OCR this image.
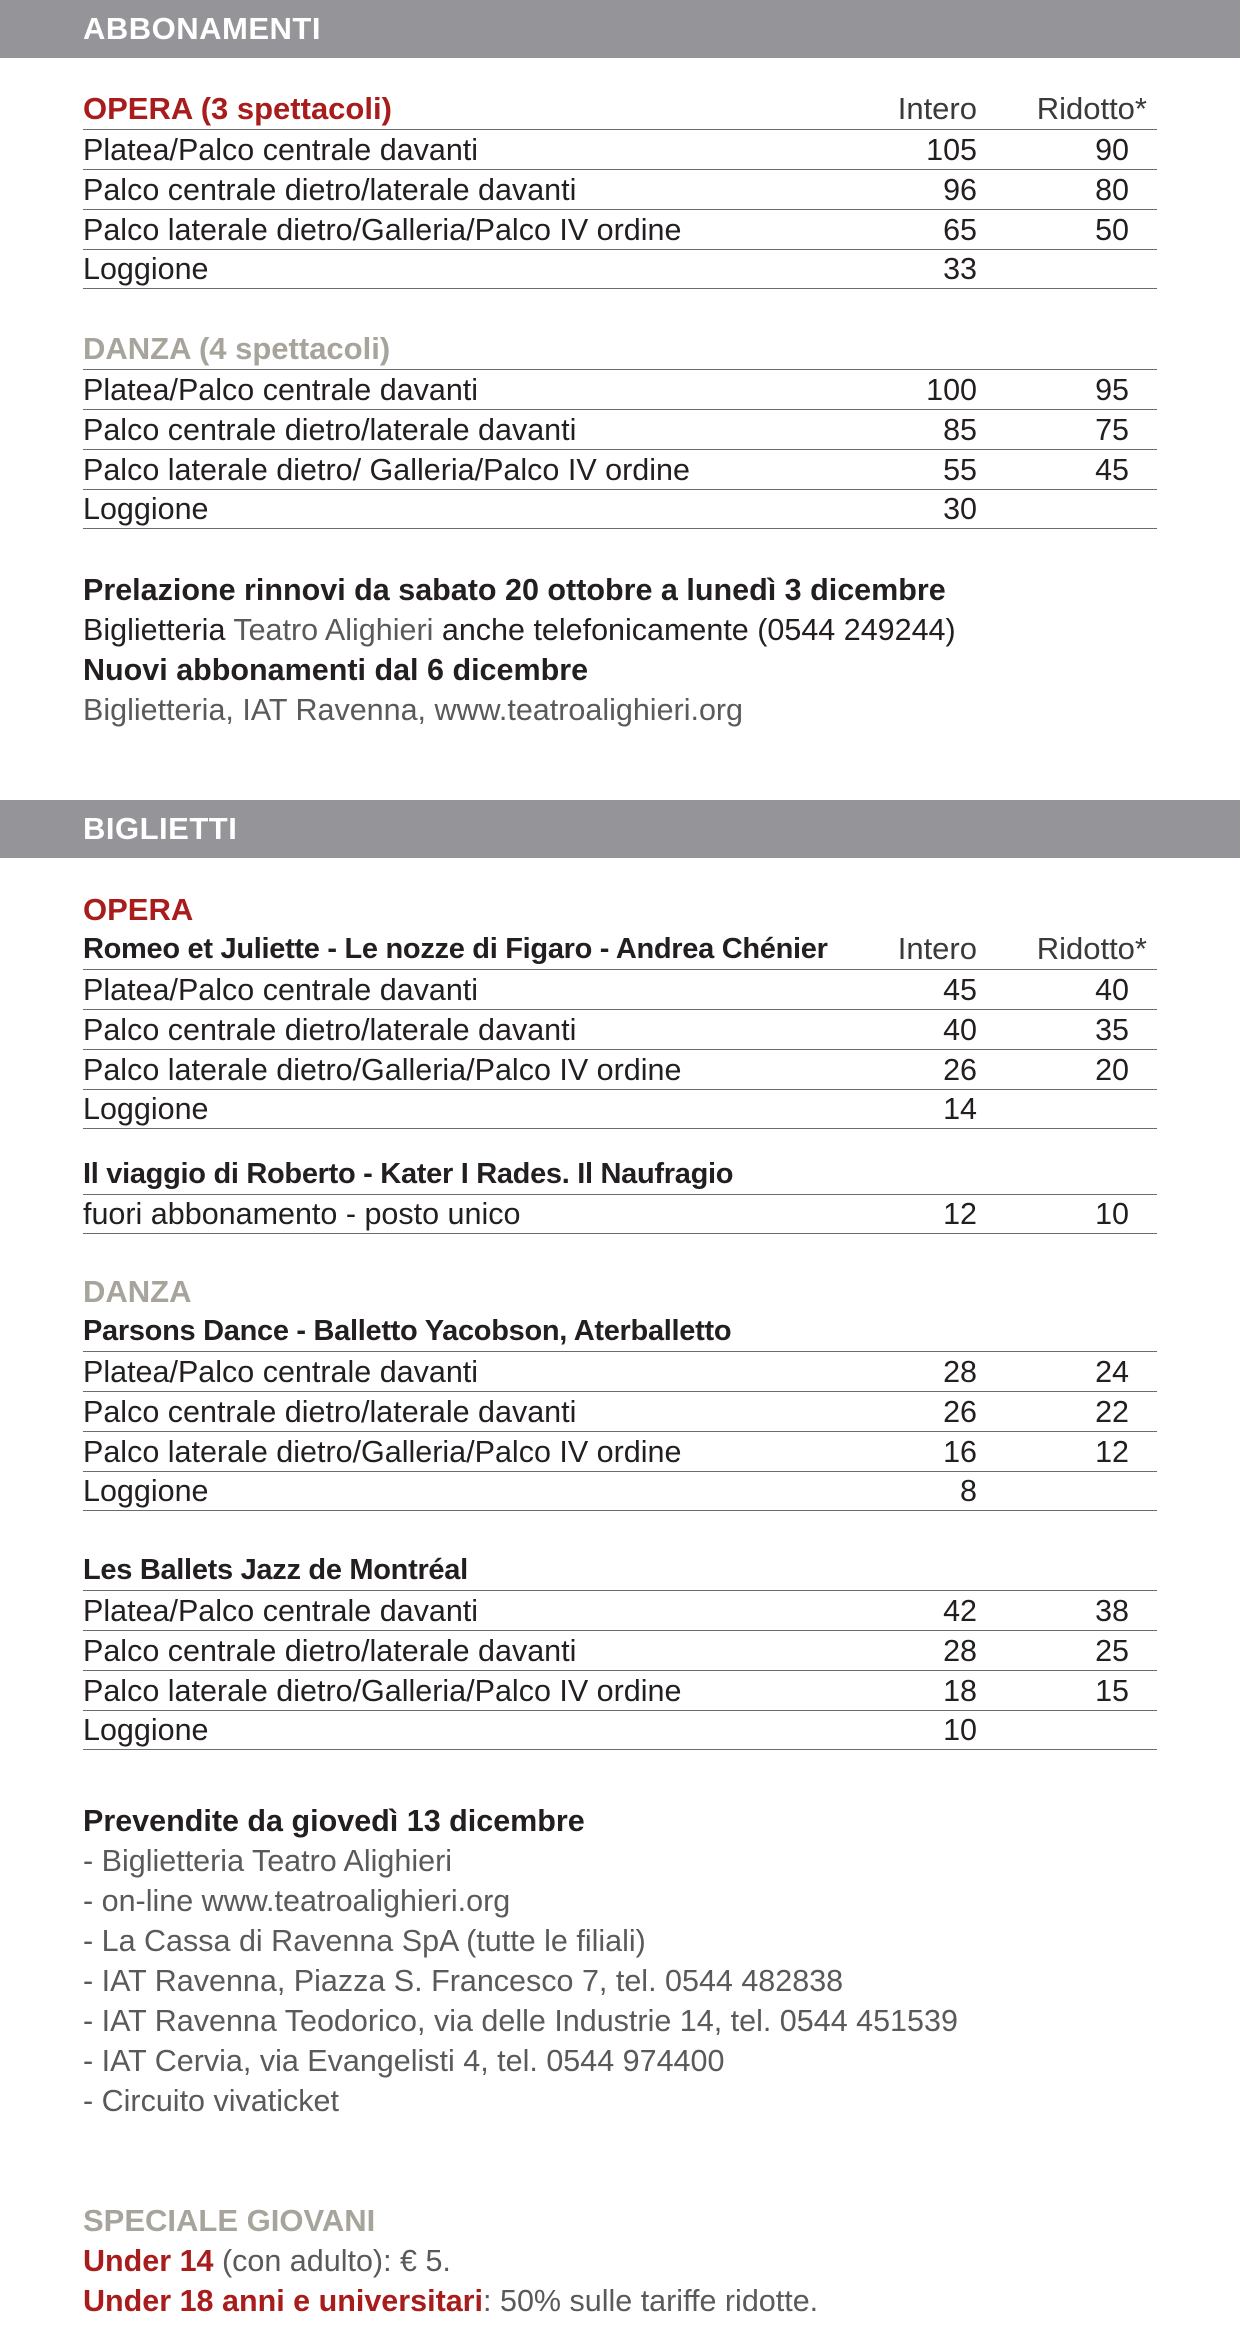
ABBONAMENTI
OPERA (3 spettacoli)	Intero Ridotto*
Platea/Palco centrale davanti	105	90
Palco centrale dietro/laterale davanti	96	80
Palco laterale dietro/Galleria/Palco IV ordine	65	50
Loggione	33
DANZA (4 spettacoli)
Platea/Palco centrale davanti	100	95
Palco centrale dietro/laterale davanti	85	75
Palco laterale dietro/ Galleria/Palco IV ordine	55	45
Loggione	30
Prelazione rinnovi da sabato 20 ottobre a lunedì 3 dicembre
Biglietteria Teatro Alighieri anche telefonicamente (0544 249244)
Nuovi abbonamenti dal 6 dicembre
Biglietteria, IAT Ravenna, www.teatroalighieri.org
BIGLIETTI
OPERA
Romeo et Juliette - Le nozze di Figaro - Andrea Chénier Intero Ridotto*
Platea/Palco centrale davanti	45	40
Palco centrale dietro/laterale davanti	40	35
Palco laterale dietro/Galleria/Palco IV ordine	26	20
Loggione	14
Il viaggio di Roberto - Kater I Rades. Il Naufragio
fuori abbonamento - posto unico	12	10
DANZA
Parsons Dance - Balletto Yacobson, Aterballetto
Platea/Palco centrale davanti	28	24
Palco centrale dietro/laterale davanti	26	22
Palco laterale dietro/Galleria/Palco IV ordine	16	12
Loggione	8
Les Ballets Jazz de Montréal
Platea/Palco centrale davanti	42	38
Palco centrale dietro/laterale davanti	28	25
Palco laterale dietro/Galleria/Palco IV ordine	18	15
Loggione	10
Prevendite da giovedì 13 dicembre
- Biglietteria Teatro Alighieri
- on-line www.teatroalighieri.org
- La Cassa di Ravenna SpA (tutte le filiali)
- IAT Ravenna, Piazza S. Francesco 7, tel. 0544 482838
- IAT Ravenna Teodorico, via delle Industrie 14, tel. 0544 451539
- IAT Cervia, via Evangelisti 4, tel. 0544 974400
- Circuito vivaticket
SPECIALE GIOVANI
Under 14 (con adulto): € 5.
Under 18 anni e universitari: 50% sulle tariffe ridotte.
